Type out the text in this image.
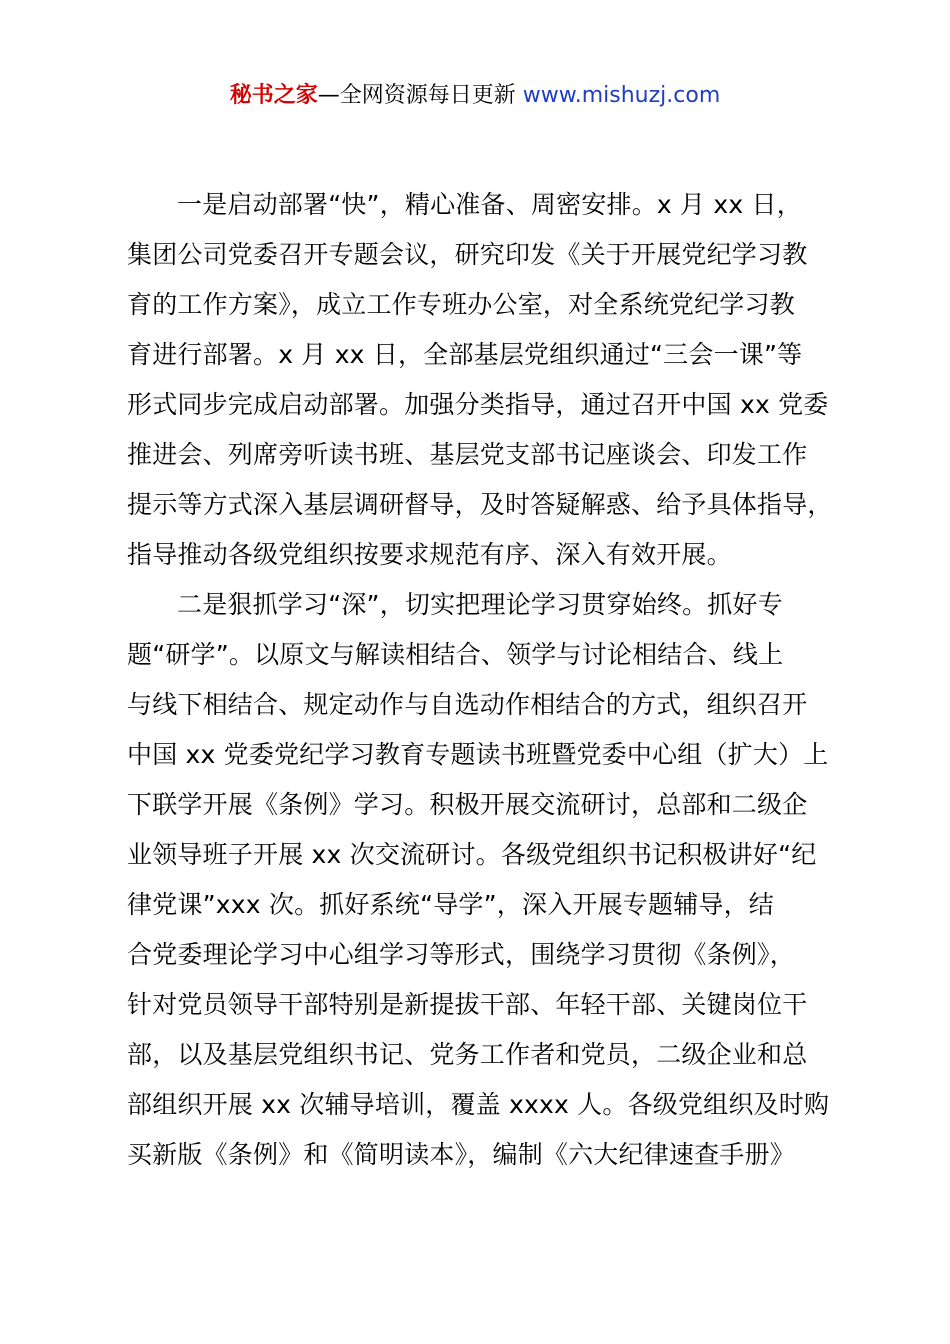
秘书之家—全网资源每日更新 www.mishuzj.com
一是启动部署“快”，精心准备、周密安排。x 月 xx 日，
集团公司党委召开专题会议，研究印发《关于开展党纪学习教
育的工作方案》，成立工作专班办公室，对全系统党纪学习教
育进行部署。x 月 xx 日，全部基层党组织通过“三会一课”等
形式同步完成启动部署。加强分类指导，通过召开中国 xx 党委
推进会、列席旁听读书班、基层党支部书记座谈会、印发工作
提示等方式深入基层调研督导，及时答疑解惑、给予具体指导，
指导推动各级党组织按要求规范有序、深入有效开展。
二是狠抓学习“深”，切实把理论学习贯穿始终。抓好专
题“研学”。以原文与解读相结合、领学与讨论相结合、线上
与线下相结合、规定动作与自选动作相结合的方式，组织召开
中国 xx 党委党纪学习教育专题读书班暨党委中心组（扩大）上
下联学开展《条例》学习。积极开展交流研讨，总部和二级企
业领导班子开展 xx 次交流研讨。各级党组织书记积极讲好“纪
律党课”xxx 次。抓好系统“导学”，深入开展专题辅导，结
合党委理论学习中心组学习等形式，围绕学习贯彻《条例》，
针对党员领导干部特别是新提拔干部、年轻干部、关键岗位干
部，以及基层党组织书记、党务工作者和党员，二级企业和总
部组织开展 xx 次辅导培训，覆盖 xxxx 人。各级党组织及时购
买新版《条例》和《简明读本》，编制《六大纪律速查手册》
